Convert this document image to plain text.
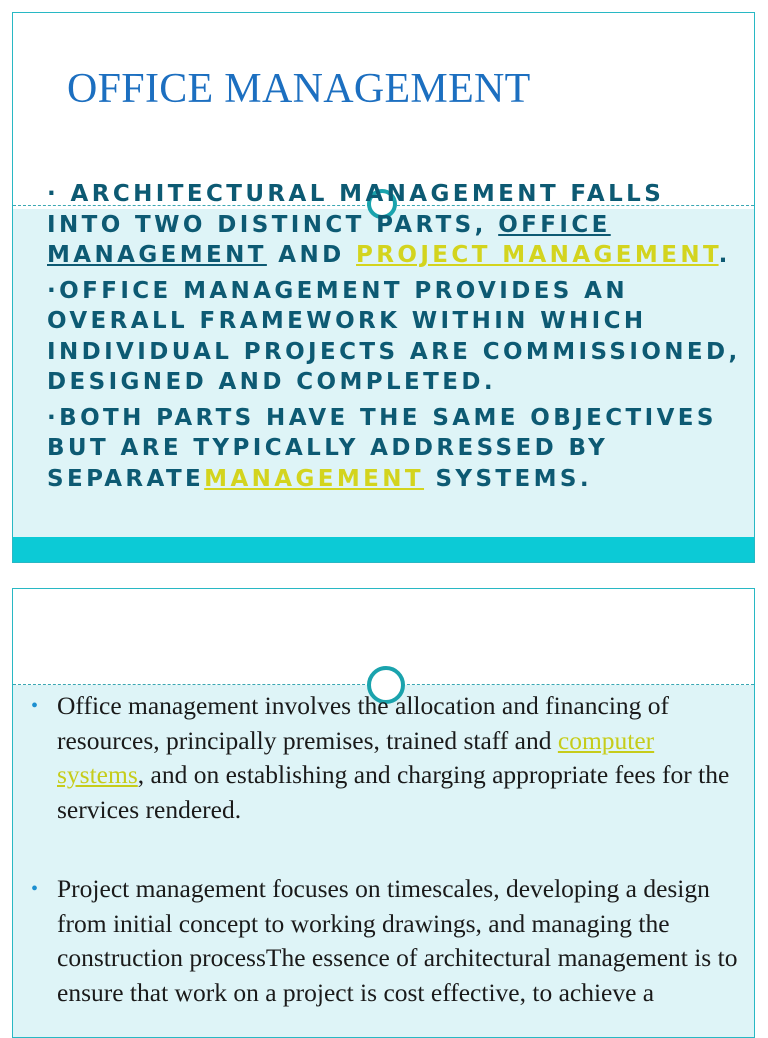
OFFICE MANAGEMENT

· ARCHITECTURAL MANAGEMENT FALLS INTO TWO DISTINCT PARTS, OFFICE MANAGEMENT AND PROJECT MANAGEMENT.

·OFFICE MANAGEMENT PROVIDES AN OVERALL FRAMEWORK WITHIN WHICH INDIVIDUAL PROJECTS ARE COMMISSIONED, DESIGNED AND COMPLETED.

·BOTH PARTS HAVE THE SAME OBJECTIVES BUT ARE TYPICALLY ADDRESSED BY SEPARATEMANAGEMENT SYSTEMS.

• Office management involves the allocation and financing of resources, principally premises, trained staff and computer systems, and on establishing and charging appropriate fees for the services rendered.
• Project management focuses on timescales, developing a design from initial concept to working drawings, and managing the construction processThe essence of architectural management is to ensure that work on a project is cost effective, to achieve a
